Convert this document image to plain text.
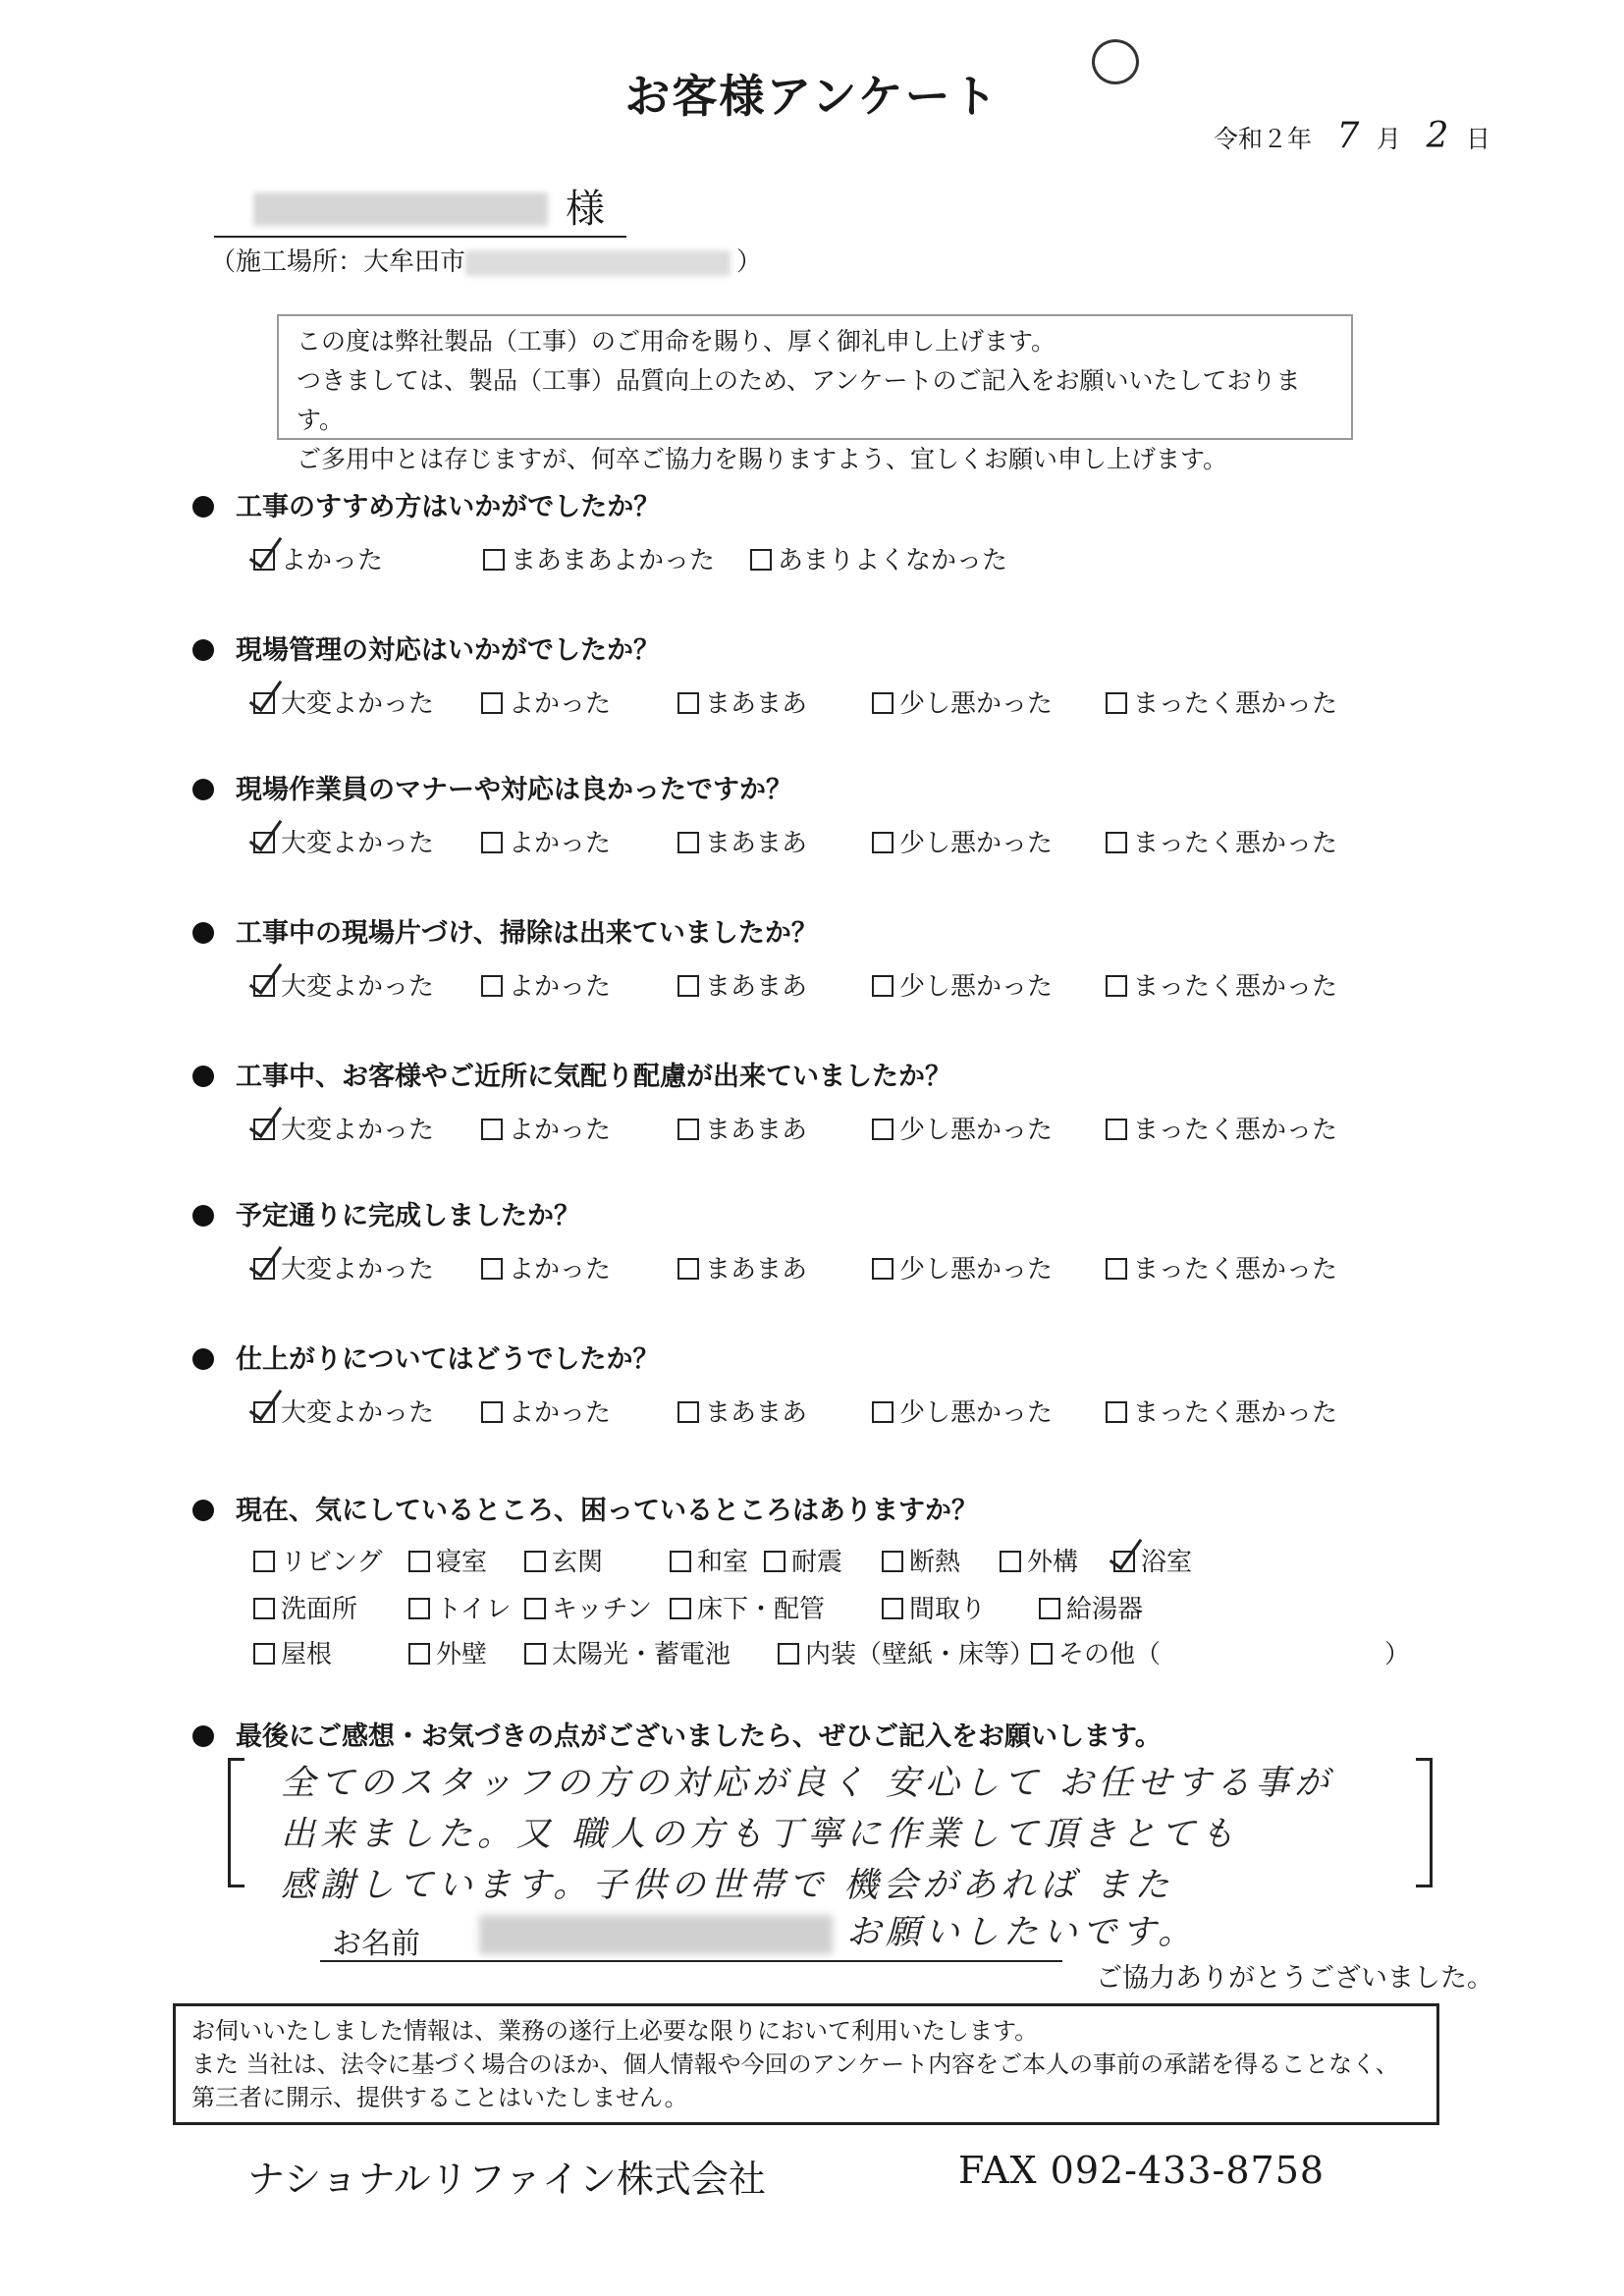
お客様アンケート
令和２年 7 月 2 日
様
（施工場所：大牟田市	）
この度は弊社製品（工事）のご用命を賜り、厚く御礼申し上げます。
つきましては、製品（工事）品質向上のため、アンケートのご記入をお願いいたしております。
ご多用中とは存じますが、何卒ご協力を賜りますよう、宜しくお願い申し上げます。
工事のすすめ方はいかがでしたか？
よかった	まあまあよかった	あまりよくなかった
現場管理の対応はいかがでしたか？
大変よかった	よかった	まあまあ	少し悪かった	まったく悪かった
現場作業員のマナーや対応は良かったですか？
大変よかった	よかった	まあまあ	少し悪かった	まったく悪かった
工事中の現場片づけ、掃除は出来ていましたか？
大変よかった	よかった	まあまあ	少し悪かった	まったく悪かった
工事中、お客様やご近所に気配り配慮が出来ていましたか？
大変よかった	よかった	まあまあ	少し悪かった	まったく悪かった
予定通りに完成しましたか？
大変よかった	よかった	まあまあ	少し悪かった	まったく悪かった
仕上がりについてはどうでしたか？
大変よかった	よかった	まあまあ	少し悪かった	まったく悪かった
現在、気にしているところ、困っているところはありますか？
リビング	寝室	玄関	和室	耐震	断熱	外構	浴室
洗面所	トイレ	キッチン	床下・配管	間取り	給湯器
屋根	外壁	太陽光・蓄電池	内装（壁紙・床等） その他（	）
最後にご感想・お気づきの点がございましたら、ぜひご記入をお願いします。
全てのスタッフの方の対応が良く 安心して お任せする事が
出来ました。又 職人の方も丁寧に作業して頂きとても
感謝しています。子供の世帯で 機会があれば また
お願いしたいです。
お名前
ご協力ありがとうございました。
お伺いいたしました情報は、業務の遂行上必要な限りにおいて利用いたします。
また 当社は、法令に基づく場合のほか、個人情報や今回のアンケート内容をご本人の事前の承諾を得ることなく、
第三者に開示、提供することはいたしません。
ナショナルリファイン株式会社	FAX 092-433-8758
